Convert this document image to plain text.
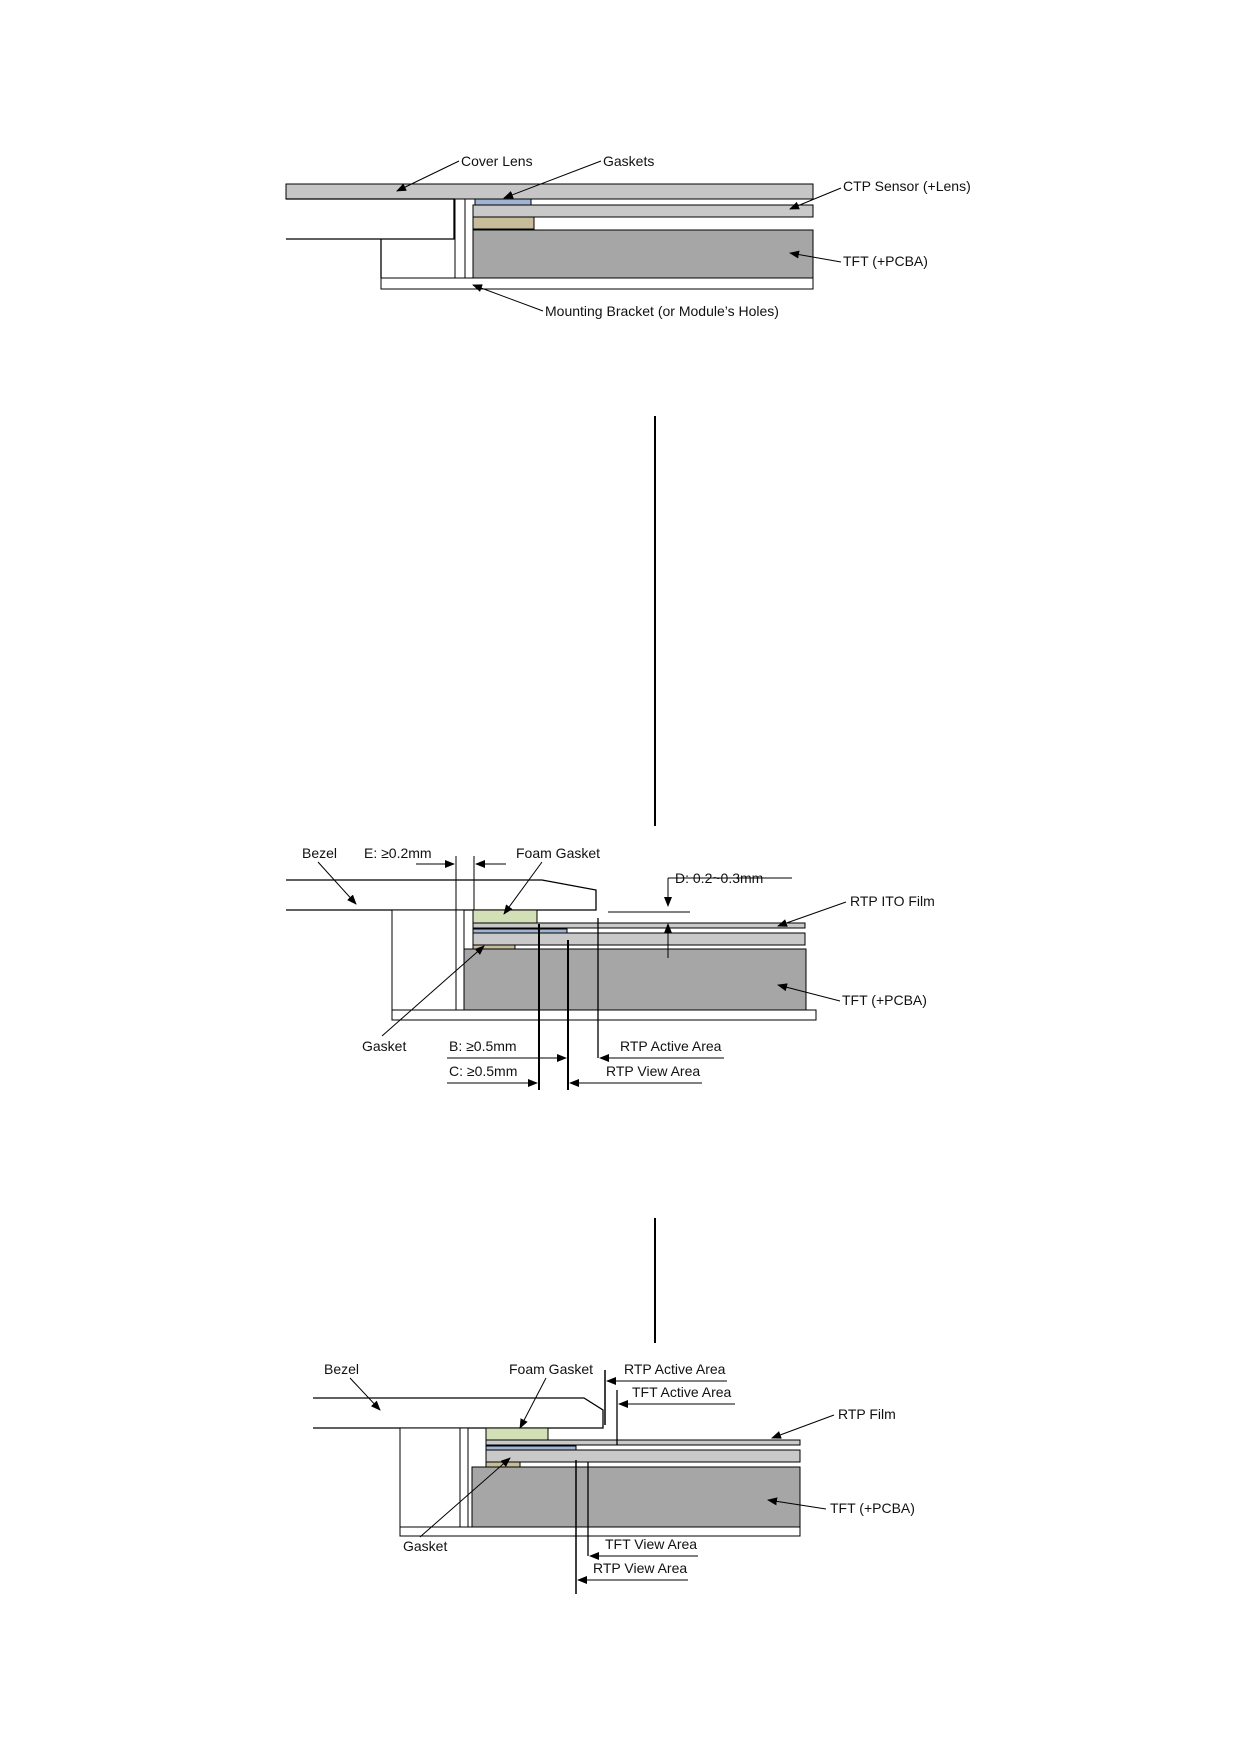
Cover Lens	Gaskets
CTP Sensor (+Lens)
TFT (+PCBA)
Mounting Bracket (or Module’s Holes)
Bezel E: ≥0.2mm	Foam Gasket
D: 0.2~0.3mm
RTP ITO Film
TFT (+PCBA)
Gasket	B: ≥0.5mm
C: ≥0.5mm
RTP Active Area
RTP View Area
Bezel	Foam Gasket RTP Active Area
TFT Active Area
RTP Film
TFT (+PCBA)
Gasket	TFT View Area
RTP View Area
